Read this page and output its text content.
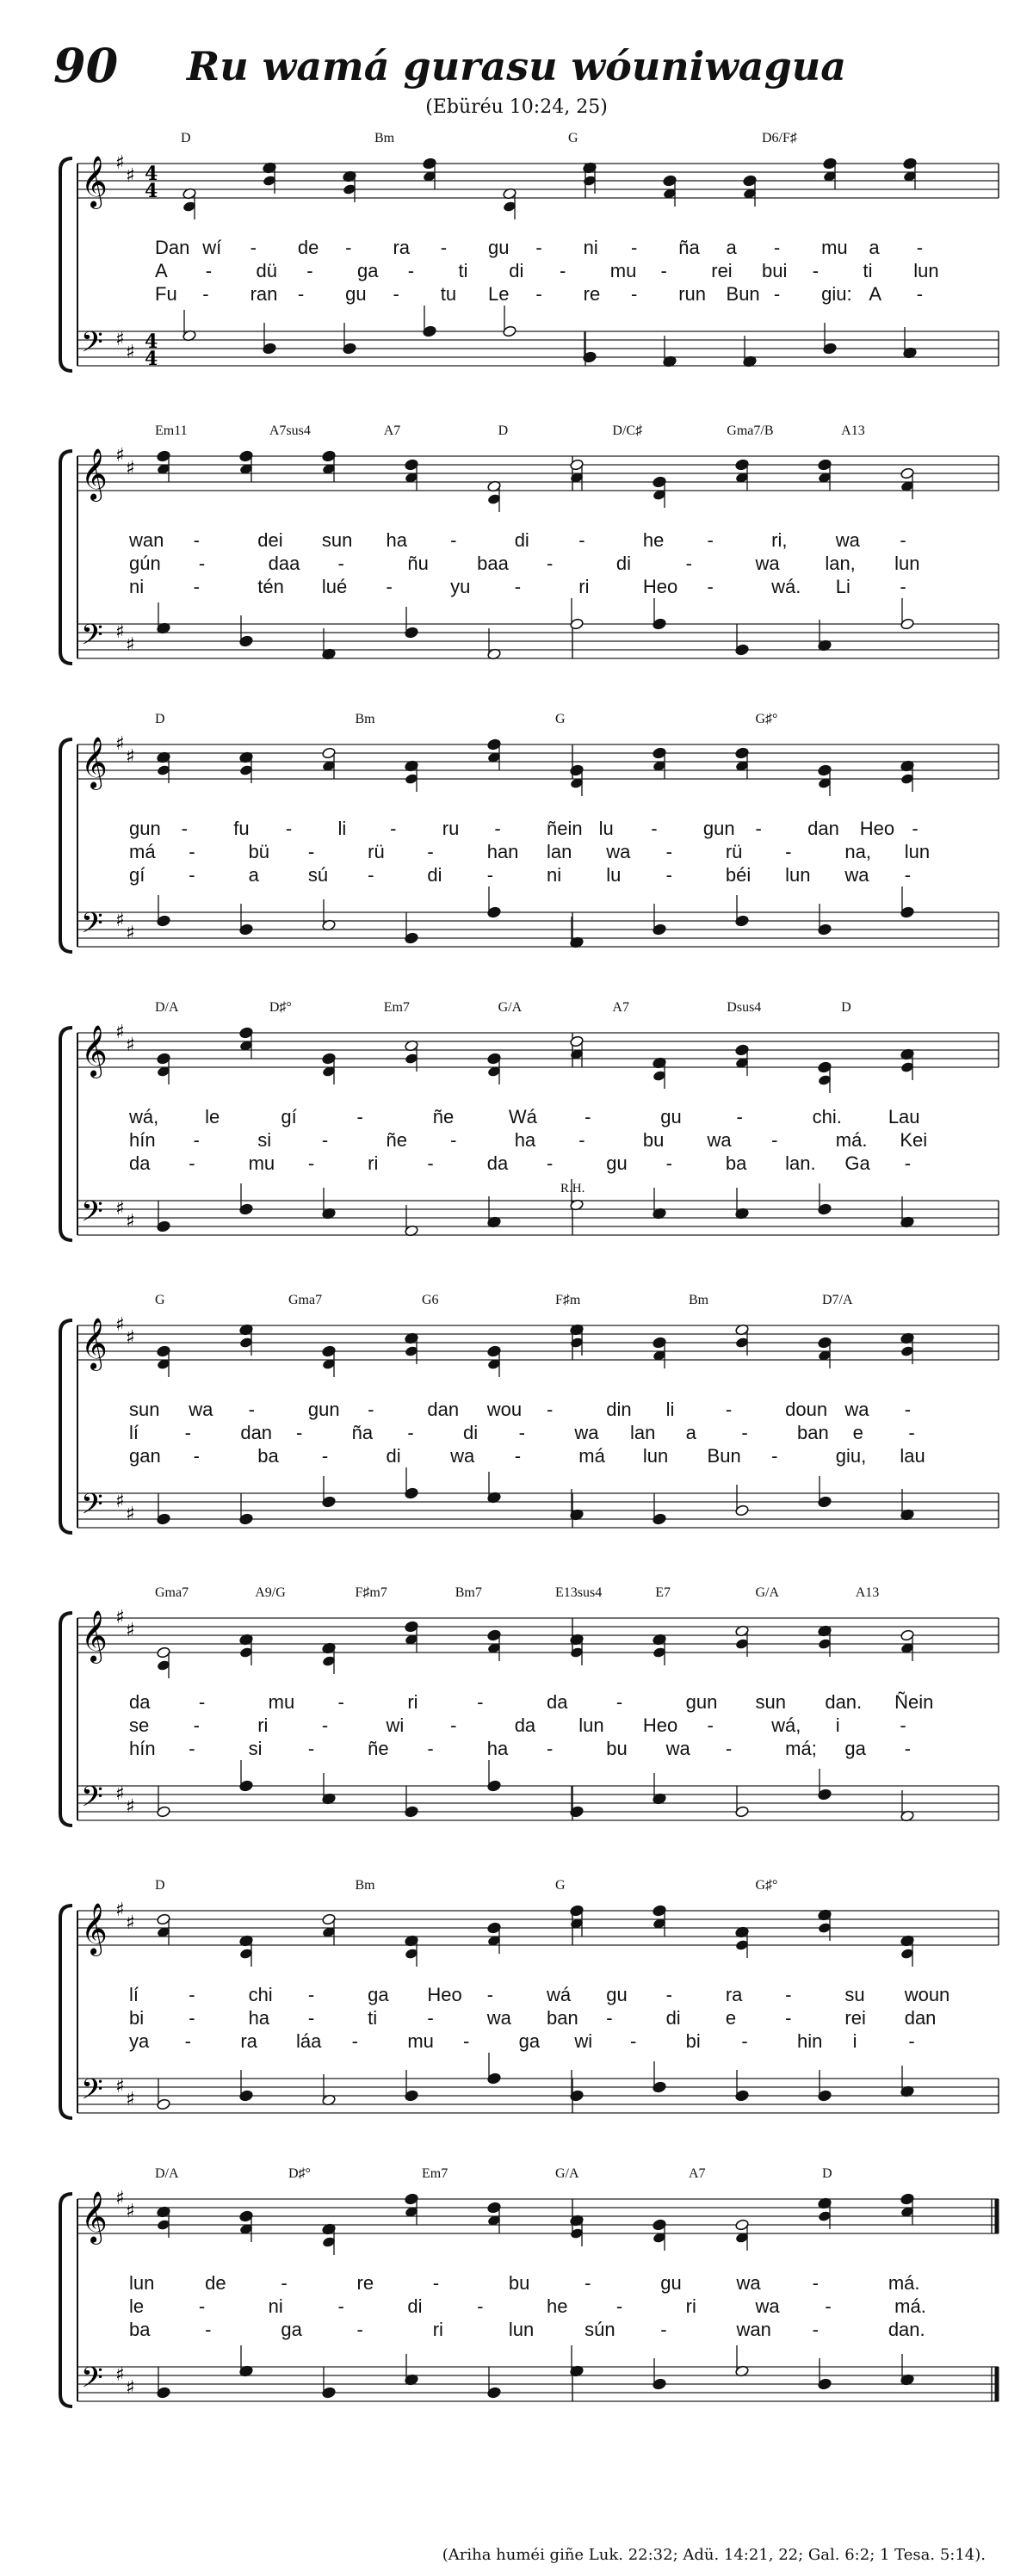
90	Ru wamá gurasu wóuniwagua
(Ebüréu 10:24, 25)
𝄞
𝄢
♯
♯
♯
♯
4
4
4
4
D	Bm	G	D6/F♯
Dan wí - de - ra - gu - ni - ña a - mu a -
A - dü - ga - ti di - mu - rei bui - ti lun
Fu - ran - gu - tu Le - re - run Bun - giu: A -
𝄞
𝄢
♯
♯
♯
♯
Em11	A7sus4	A7	D	D/C♯	Gma7/B	A13
wan -	dei sun ha -	di	-	he -	ri,	wa -
gún -	daa -	ñu	baa -	di	-	wa lan, lun
ni	-	tén lué -	yu -	ri	Heo -	wá. Li	-
𝄞
𝄢
♯
♯
♯
♯
D	Bm	G	G♯°
gun - fu - li - ru - ñein lu - gun - dan Heo -
má -	bü -	rü -	han lan wa -	rü -	na, lun
gí -	a	sú -	di -	ni lu -	béi lun wa -
𝄞
𝄢
♯
♯
♯
♯
D/A	D♯°	Em7	G/A	A7	Dsus4	D
R.H.
wá, le	gí	-	ñe	Wá	-	gu	-	chi. Lau
hín -	si	-	ñe -	ha -	bu wa -	má. Kei
da -	mu -	ri	-	da -	gu -	ba lan. Ga -
𝄞
𝄢
♯
♯
♯
♯
G	Gma7	G6	F♯m	Bm	D7/A
sun wa -	gun -	dan wou -	din li	-	doun wa -
lí -	dan -	ña -	di -	wa lan a -	ban e -
gan -	ba -	di	wa -	má lun Bun -	giu, lau
𝄞
𝄢
♯
♯
♯
♯
Gma7	A9/G	F♯m7	Bm7	E13sus4	E7	G/A	A13
da	-	mu -	ri	-	da	-	gun sun dan. Ñein
se -	ri	-	wi -	da lun Heo -	wá, i	-
hín -	si -	ñe -	ha -	bu wa -	má; ga -
𝄞
𝄢
♯
♯
♯
♯
D	Bm	G	G♯°
lí	-	chi -	ga Heo -	wá gu -	ra -	su woun
bi -	ha -	ti	-	wa ban -	di e	-	rei dan
ya -	ra láa -	mu -	ga wi -	bi -	hin i	-
𝄞
𝄢
♯
♯
♯
♯
D/A	D♯°	Em7	G/A	A7	D
lun	de	-	re	-	bu	-	gu	wa	-	má.
le	-	ni	-	di	-	he	-	ri	wa -	má.
ba	-	ga	-	ri	lun	sún -	wan -	dan.
(Ariha huméi giñe Luk. 22:32; Adü. 14:21, 22; Gal. 6:2; 1 Tesa. 5:14).
